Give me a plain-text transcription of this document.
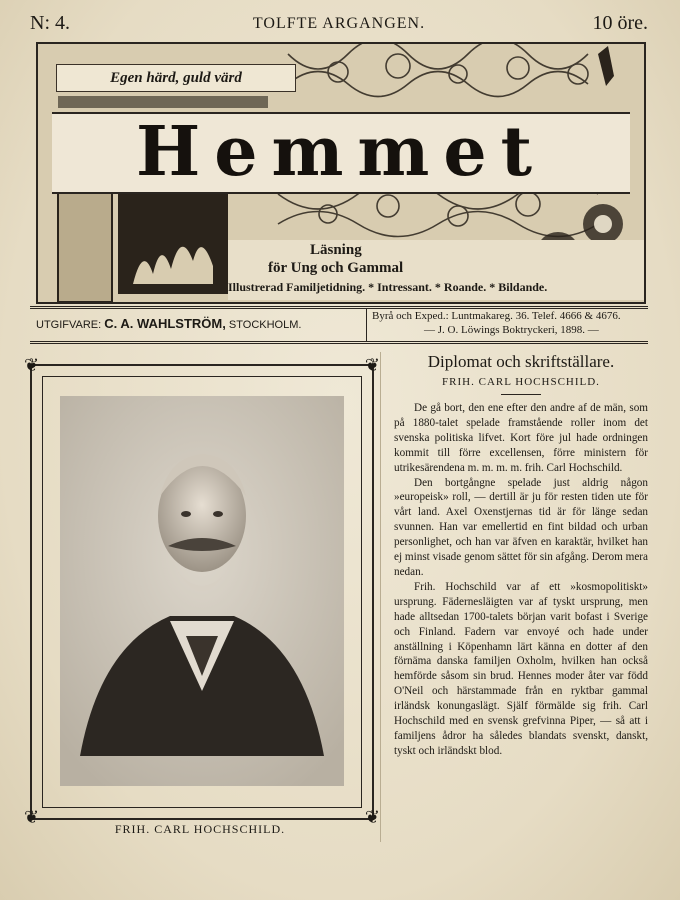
N: 4.	TOLFTE ARGANGEN.	10 öre.
Egen härd, guld värd
Hemmet
Läsning
för Ung och Gammal
Illustrerad Familjetidning. * Intressant. * Roande. * Bildande.
UTGIFVARE: C. A. WAHLSTRÖM, STOCKHOLM.
Byrå och Exped.: Luntmakareg. 36. Telef. 4666 & 4676.
— J. O. Löwings Boktryckeri, 1898. —
❦	❦
❦	❦
FRIH. CARL HOCHSCHILD.
Diplomat och skriftställare.
FRIH. CARL HOCHSCHILD.

De gå bort, den ene efter den andre af de män, som på 1880-talet spelade framstående roller inom det svenska politiska lifvet. Kort före jul hade ordningen kommit till förre excellensen, förre ministern för utrikesärendena m. m. m. m. frih. Carl Hochschild.

Den bortgångne spelade just aldrig någon »europeisk» roll, — dertill är ju för resten tiden ute för vårt land. Axel Oxenstjernas tid är för länge sedan svunnen. Han var emellertid en fint bildad och urban personlighet, och han var äfven en karaktär, hvilket han ej minst visade genom sättet för sin afgång. Derom mera nedan.

Frih. Hochschild var af ett »kosmopolitiskt» ursprung. Fädernesläigten var af tyskt ursprung, men hade alltsedan 1700-talets början varit bofast i Sverige och Finland. Fadern var envoyé och hade under anställning i Köpenhamn lärt känna en dotter af den förnäma danska familjen Oxholm, hvilken han också hemförde såsom sin brud. Hennes moder åter var född O'Neil och härstammade från en ryktbar gammal irländsk konungaslägt. Själf förmälde sig frih. Carl Hochschild med en svensk grefvinna Piper, — så att i familjens ådror ha således blandats svenskt, danskt, tyskt och irländskt blod.
